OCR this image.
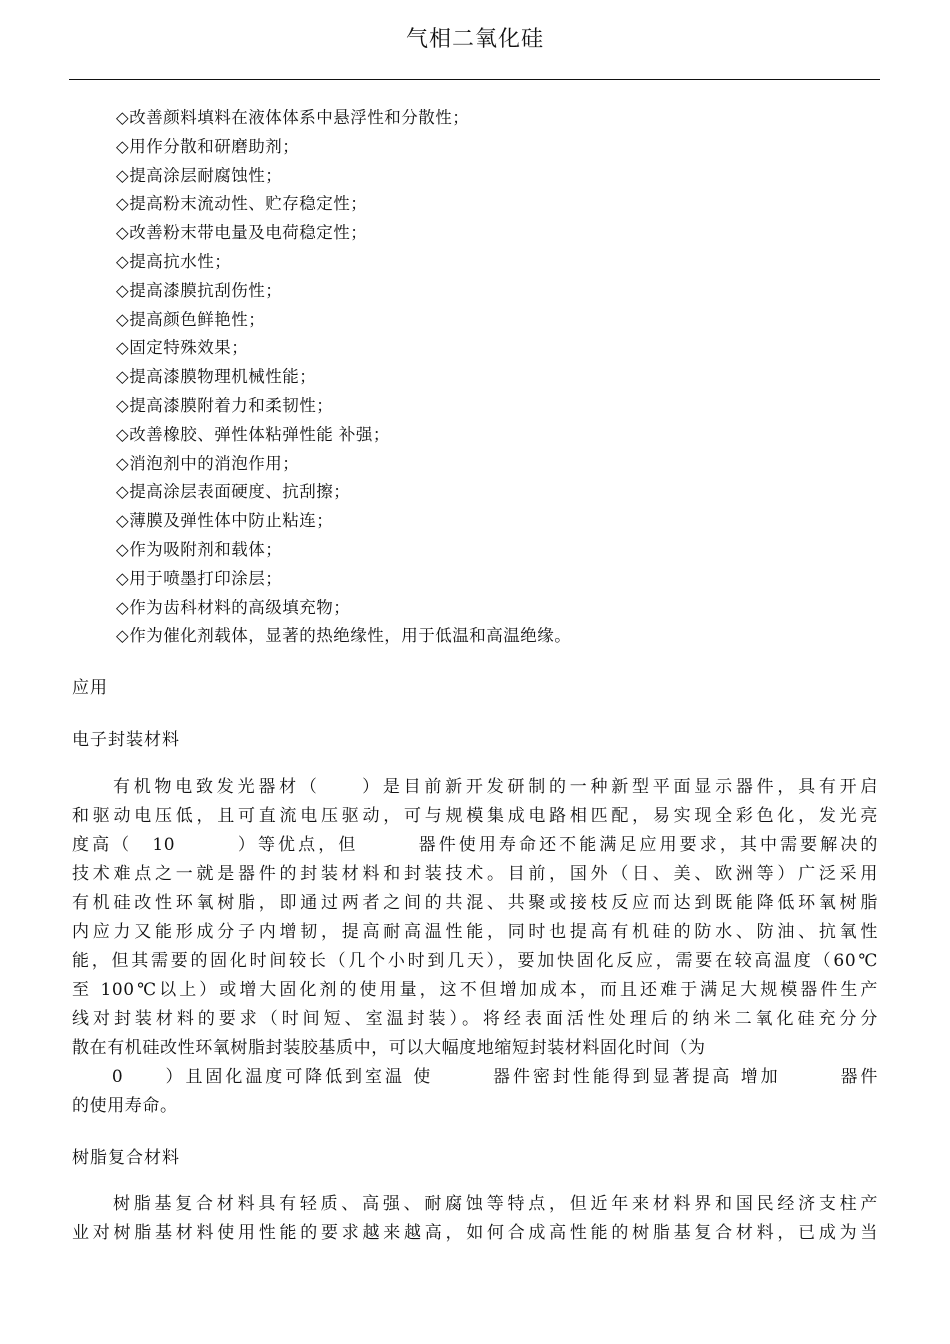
气相二氧化硅
◇改善颜料填料在液体体系中悬浮性和分散性；
◇用作分散和研磨助剂；
◇提高涂层耐腐蚀性；
◇提高粉末流动性、贮存稳定性；
◇改善粉末带电量及电荷稳定性；
◇提高抗水性；
◇提高漆膜抗刮伤性；
◇提高颜色鲜艳性；
◇固定特殊效果；
◇提高漆膜物理机械性能；
◇提高漆膜附着力和柔韧性；
◇改善橡胶、弹性体粘弹性能 补强；
◇消泡剂中的消泡作用；
◇提高涂层表面硬度、抗刮擦；
◇薄膜及弹性体中防止粘连；
◇作为吸附剂和载体；
◇用于喷墨打印涂层；
◇作为齿科材料的高级填充物；
◇作为催化剂载体，显著的热绝缘性，用于低温和高温绝缘。
应用
电子封装材料
有机物电致发光器材（　　）是目前新开发研制的一种新型平面显示器件，具有开启
和驱动电压低，且可直流电压驱动，可与规模集成电路相匹配，易实现全彩色化，发光亮
度高（　10　　　）等优点，但　　　器件使用寿命还不能满足应用要求，其中需要解决的
技术难点之一就是器件的封装材料和封装技术。目前，国外（日、美、欧洲等）广泛采用
有机硅改性环氧树脂，即通过两者之间的共混、共聚或接枝反应而达到既能降低环氧树脂
内应力又能形成分子内增韧，提高耐高温性能，同时也提高有机硅的防水、防油、抗氧性
能，但其需要的固化时间较长（几个小时到几天），要加快固化反应，需要在较高温度（60℃
至 100℃以上）或增大固化剂的使用量，这不但增加成本，而且还难于满足大规模器件生产
线对封装材料的要求（时间短、室温封装）。将经表面活性处理后的纳米二氧化硅充分分
散在有机硅改性环氧树脂封装胶基质中，可以大幅度地缩短封装材料固化时间（为
　　0　　）且固化温度可降低到室温 使　　　器件密封性能得到显著提高 增加　　　器件
的使用寿命。
树脂复合材料
树脂基复合材料具有轻质、高强、耐腐蚀等特点，但近年来材料界和国民经济支柱产
业对树脂基材料使用性能的要求越来越高，如何合成高性能的树脂基复合材料，已成为当
